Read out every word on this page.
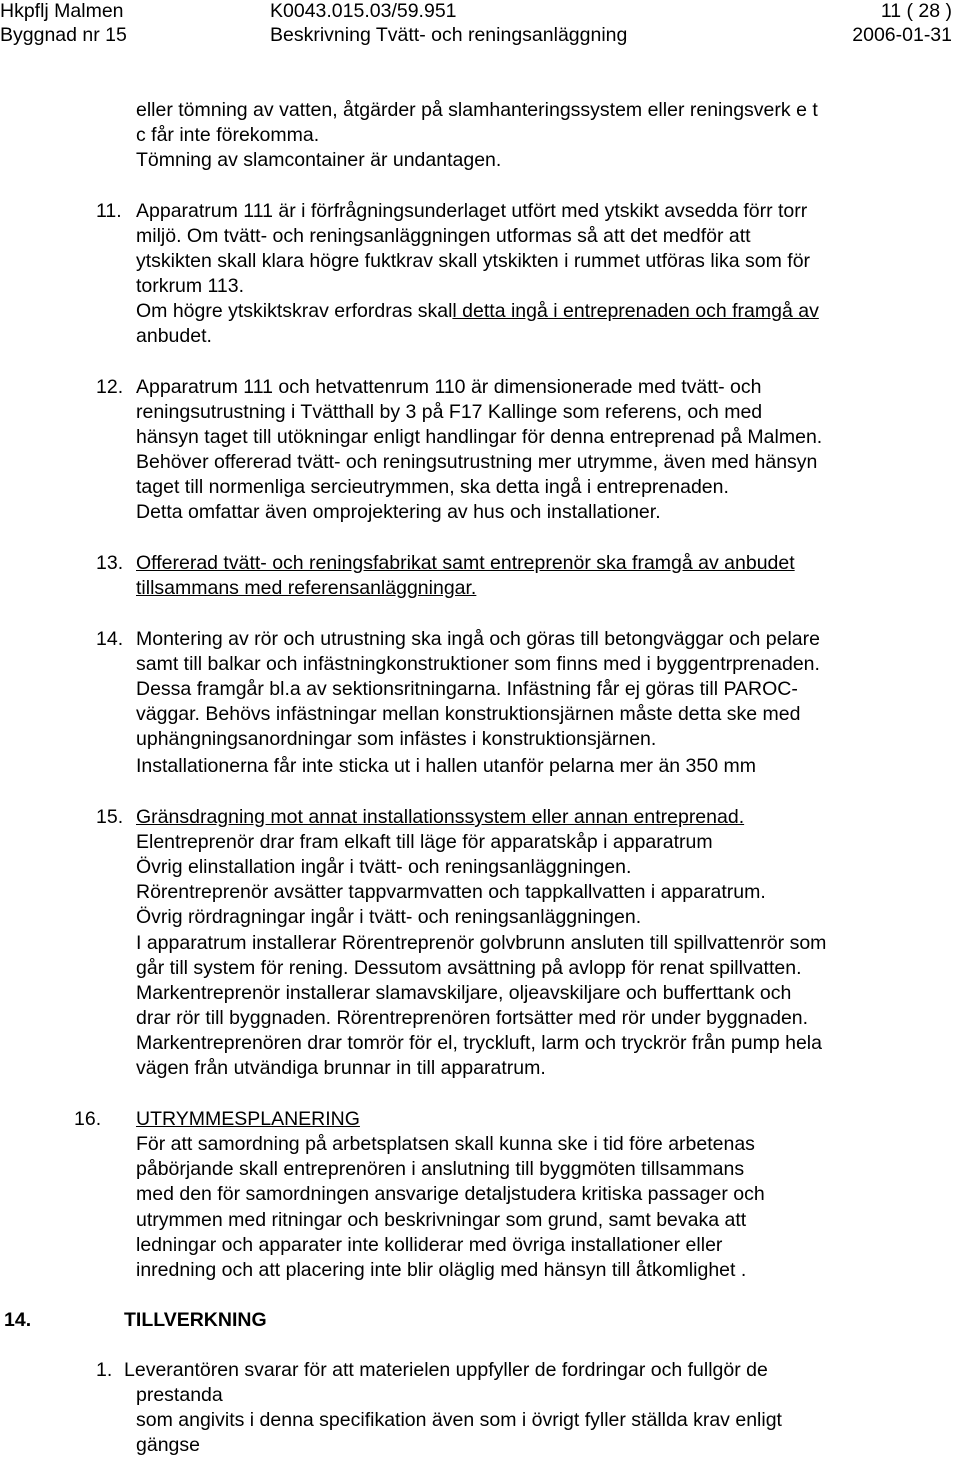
Hkpflj Malmen	K0043.015.03/59.951	11 ( 28 )
Byggnad nr 15	Beskrivning Tvätt- och reningsanläggning	2006-01-31
eller tömning av vatten, åtgärder på slamhanteringssystem eller reningsverk e t
c får inte förekomma.
Tömning av slamcontainer är undantagen.
11. Apparatrum 111 är i förfrågningsunderlaget utfört med ytskikt avsedda förr torr
miljö. Om tvätt- och reningsanläggningen utformas så att det medför att
ytskikten skall klara högre fuktkrav skall ytskikten i rummet utföras lika som för
torkrum 113.
Om högre ytskiktskrav erfordras skall detta ingå i entreprenaden och framgå av
anbudet.
12. Apparatrum 111 och hetvattenrum 110 är dimensionerade med tvätt- och
reningsutrustning i Tvätthall by 3 på F17 Kallinge som referens, och med
hänsyn taget till utökningar enligt handlingar för denna entreprenad på Malmen.
Behöver offererad tvätt- och reningsutrustning mer utrymme, även med hänsyn
taget till normenliga sercieutrymmen, ska detta ingå i entreprenaden.
Detta omfattar även omprojektering av hus och installationer.
13. Offererad tvätt- och reningsfabrikat samt entreprenör ska framgå av anbudet
tillsammans med referensanläggningar.
14. Montering av rör och utrustning ska ingå och göras till betongväggar och pelare
samt till balkar och infästningkonstruktioner som finns med i byggentrprenaden.
Dessa framgår bl.a av sektionsritningarna. Infästning får ej göras till PAROC-
väggar. Behövs infästningar mellan konstruktionsjärnen måste detta ske med
uphängningsanordningar som infästes i konstruktionsjärnen.
Installationerna får inte sticka ut i hallen utanför pelarna mer än 350 mm
15. Gränsdragning mot annat installationssystem eller annan entreprenad.
Elentreprenör drar fram elkaft till läge för apparatskåp i apparatrum
Övrig elinstallation ingår i tvätt- och reningsanläggningen.
Rörentreprenör avsätter tappvarmvatten och tappkallvatten i apparatrum.
Övrig rördragningar ingår i tvätt- och reningsanläggningen.
I apparatrum installerar Rörentreprenör golvbrunn ansluten till spillvattenrör som
går till system för rening. Dessutom avsättning på avlopp för renat spillvatten.
Markentreprenör installerar slamavskiljare, oljeavskiljare och bufferttank och
drar rör till byggnaden. Rörentreprenören fortsätter med rör under byggnaden.
Markentreprenören drar tomrör för el, tryckluft, larm och tryckrör från pump hela
vägen från utvändiga brunnar in till apparatrum.
16. UTRYMMESPLANERING
För att samordning på arbetsplatsen skall kunna ske i tid före arbetenas
påbörjande skall entreprenören i anslutning till byggmöten tillsammans
med den för samordningen ansvarige detaljstudera kritiska passager och
utrymmen med ritningar och beskrivningar som grund, samt bevaka att
ledningar och apparater inte kolliderar med övriga installationer eller
inredning och att placering inte blir oläglig med hänsyn till åtkomlighet .
14.	TILLVERKNING
1. Leverantören svarar för att materielen uppfyller de fordringar och fullgör de
prestanda
som angivits i denna specifikation även som i övrigt fyller ställda krav enligt
gängse
